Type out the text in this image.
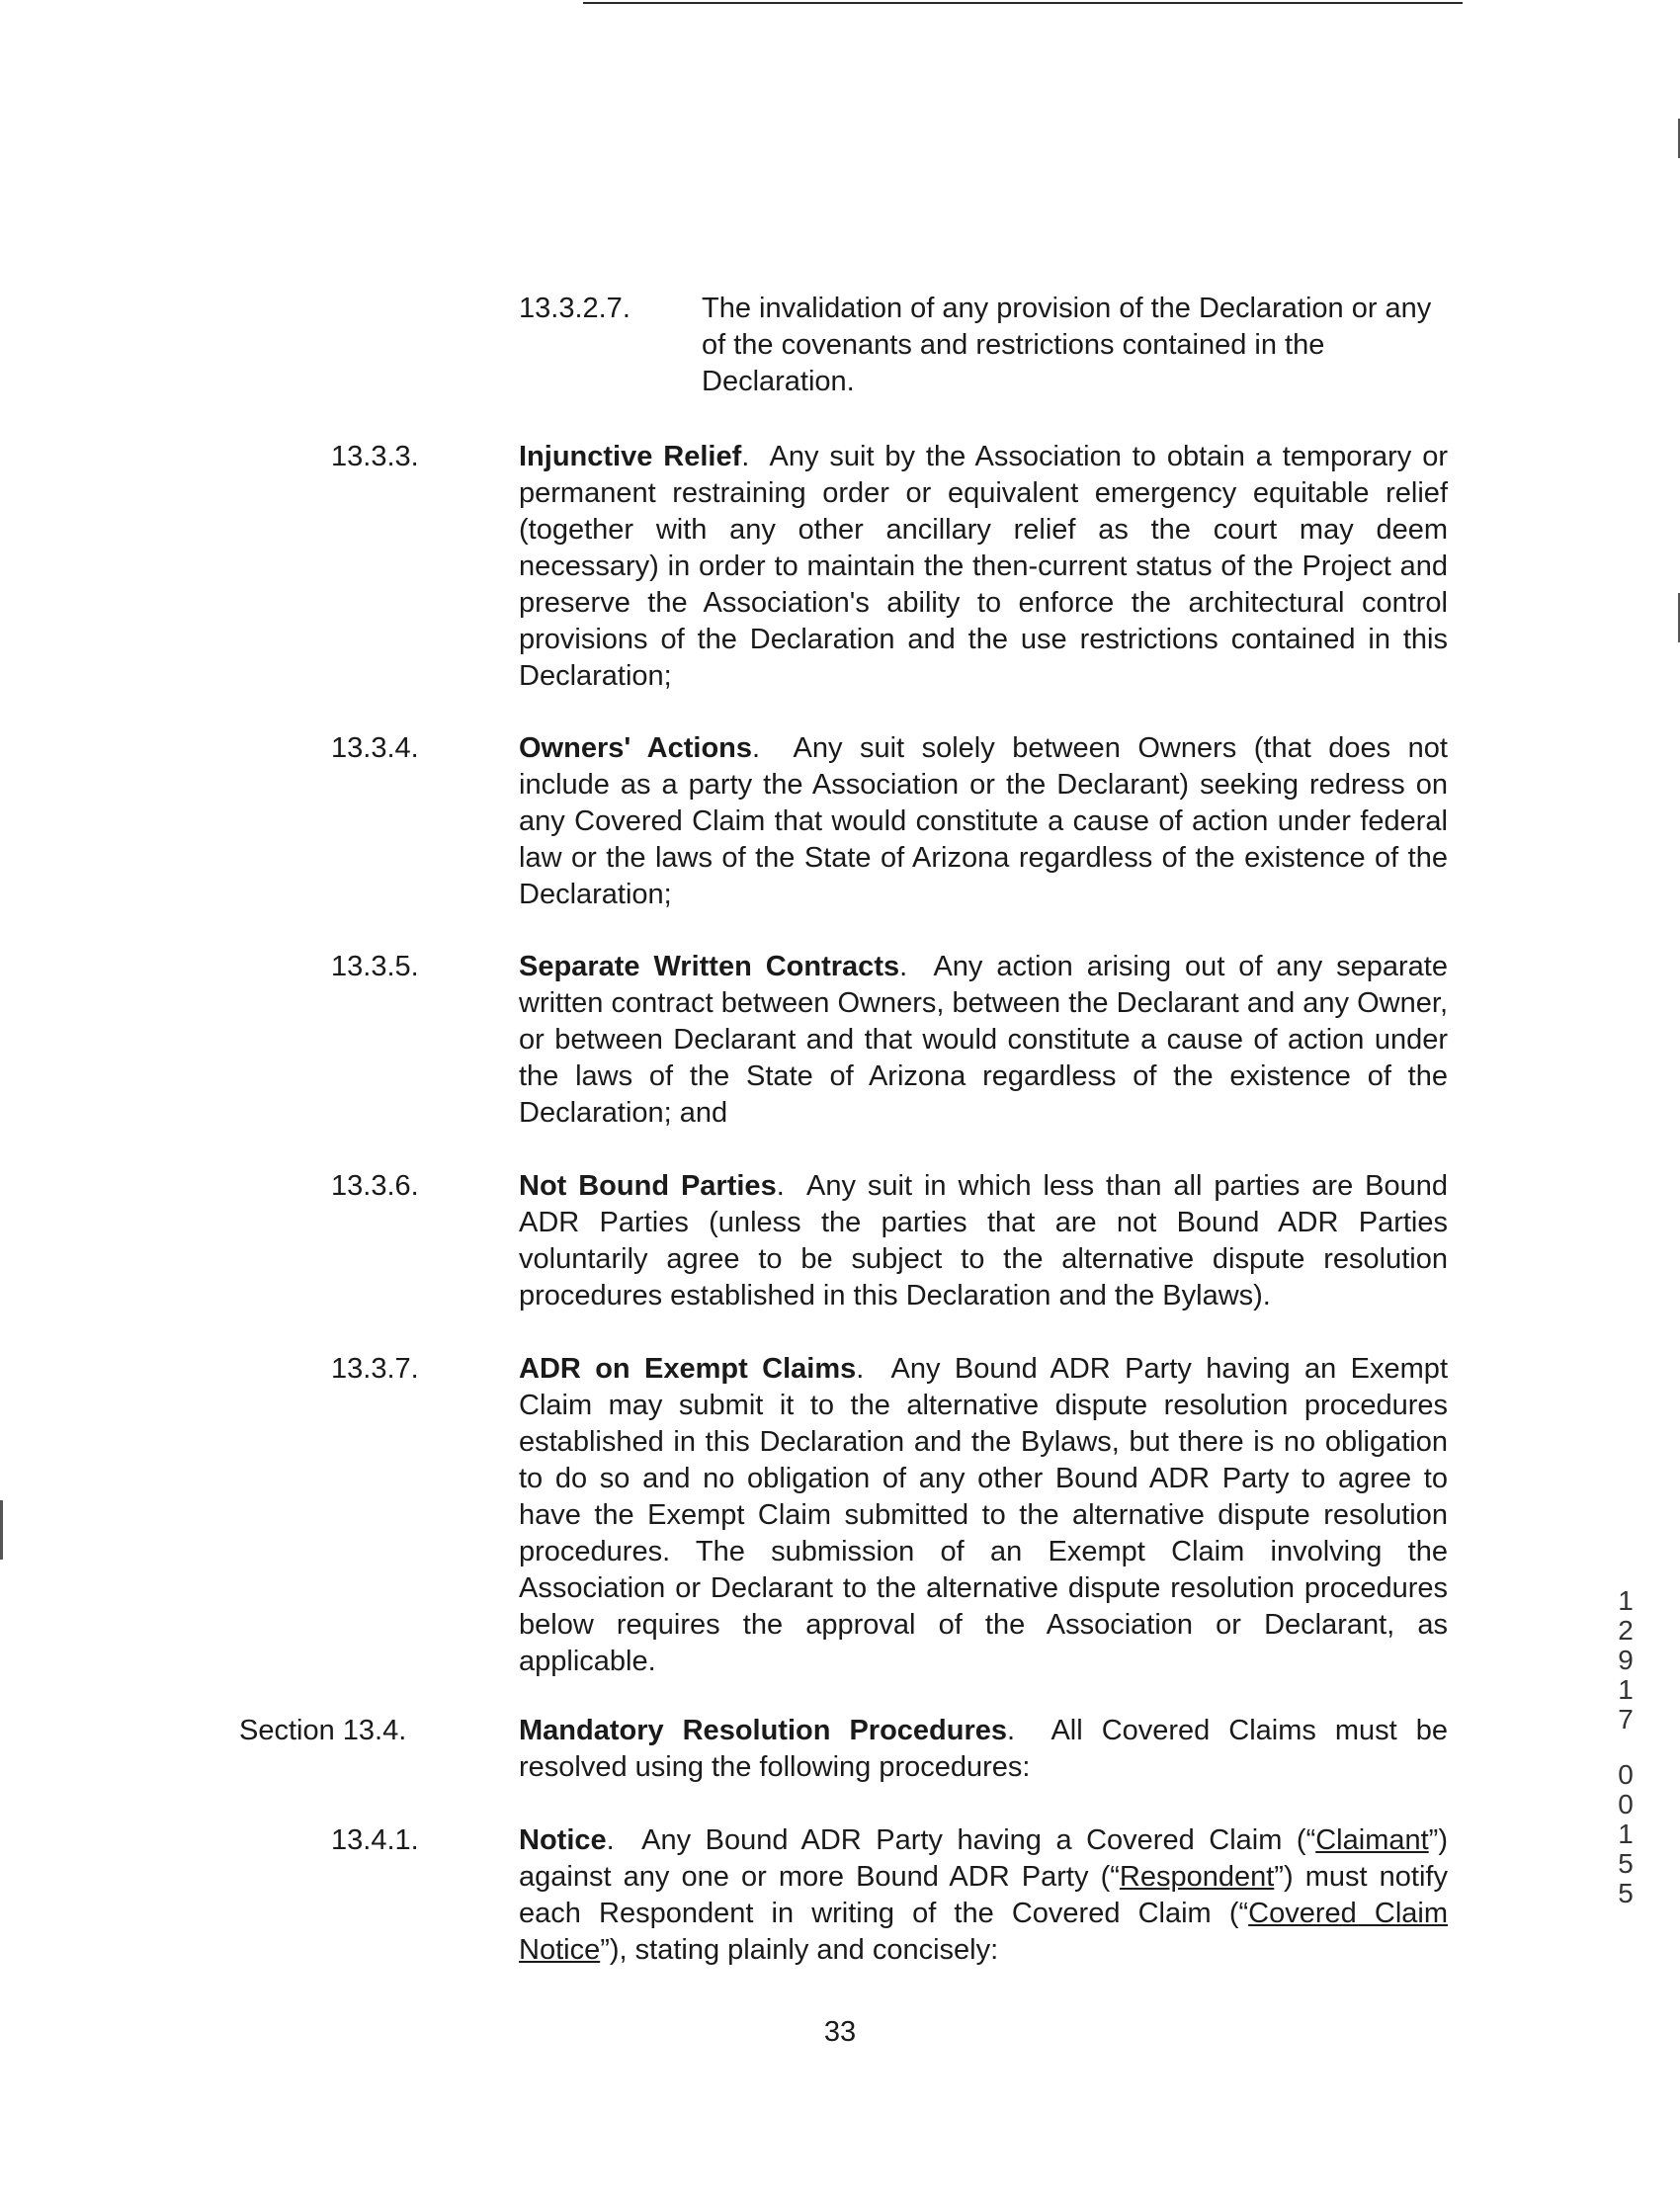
13.3.2.7. The invalidation of any provision of the Declaration or any of the covenants and restrictions contained in the Declaration.
13.3.3.	Injunctive Relief.  Any suit by the Association to obtain a temporary or permanent restraining order or equivalent emergency equitable relief (together with any other ancillary relief as the court may deem necessary) in order to maintain the then-current status of the Project and preserve the Association's ability to enforce the architectural control provisions of the Declaration and the use restrictions contained in this Declaration;
13.3.4.	Owners' Actions.  Any suit solely between Owners (that does not include as a party the Association or the Declarant) seeking redress on any Covered Claim that would constitute a cause of action under federal law or the laws of the State of Arizona regardless of the existence of the Declaration;
13.3.5.	Separate Written Contracts.  Any action arising out of any separate written contract between Owners, between the Declarant and any Owner, or between Declarant and that would constitute a cause of action under the laws of the State of Arizona regardless of the existence of the Declaration; and
13.3.6.	Not Bound Parties.  Any suit in which less than all parties are Bound ADR Parties (unless the parties that are not Bound ADR Parties voluntarily agree to be subject to the alternative dispute resolution procedures established in this Declaration and the Bylaws).
13.3.7.	ADR on Exempt Claims.  Any Bound ADR Party having an Exempt Claim may submit it to the alternative dispute resolution procedures established in this Declaration and the Bylaws, but there is no obligation to do so and no obligation of any other Bound ADR Party to agree to have the Exempt Claim submitted to the alternative dispute resolution procedures. The submission of an Exempt Claim involving the Association or Declarant to the alternative dispute resolution procedures below requires the approval of the Association or Declarant, as applicable.
Section 13.4.	Mandatory Resolution Procedures.  All Covered Claims must be resolved using the following procedures:
13.4.1.	Notice.  Any Bound ADR Party having a Covered Claim (“Claimant”) against any one or more Bound ADR Party (“Respondent”) must notify each Respondent in writing of the Covered Claim (“Covered Claim Notice”), stating plainly and concisely:
33
1
2
9
1
7
0
0
1
5
5
